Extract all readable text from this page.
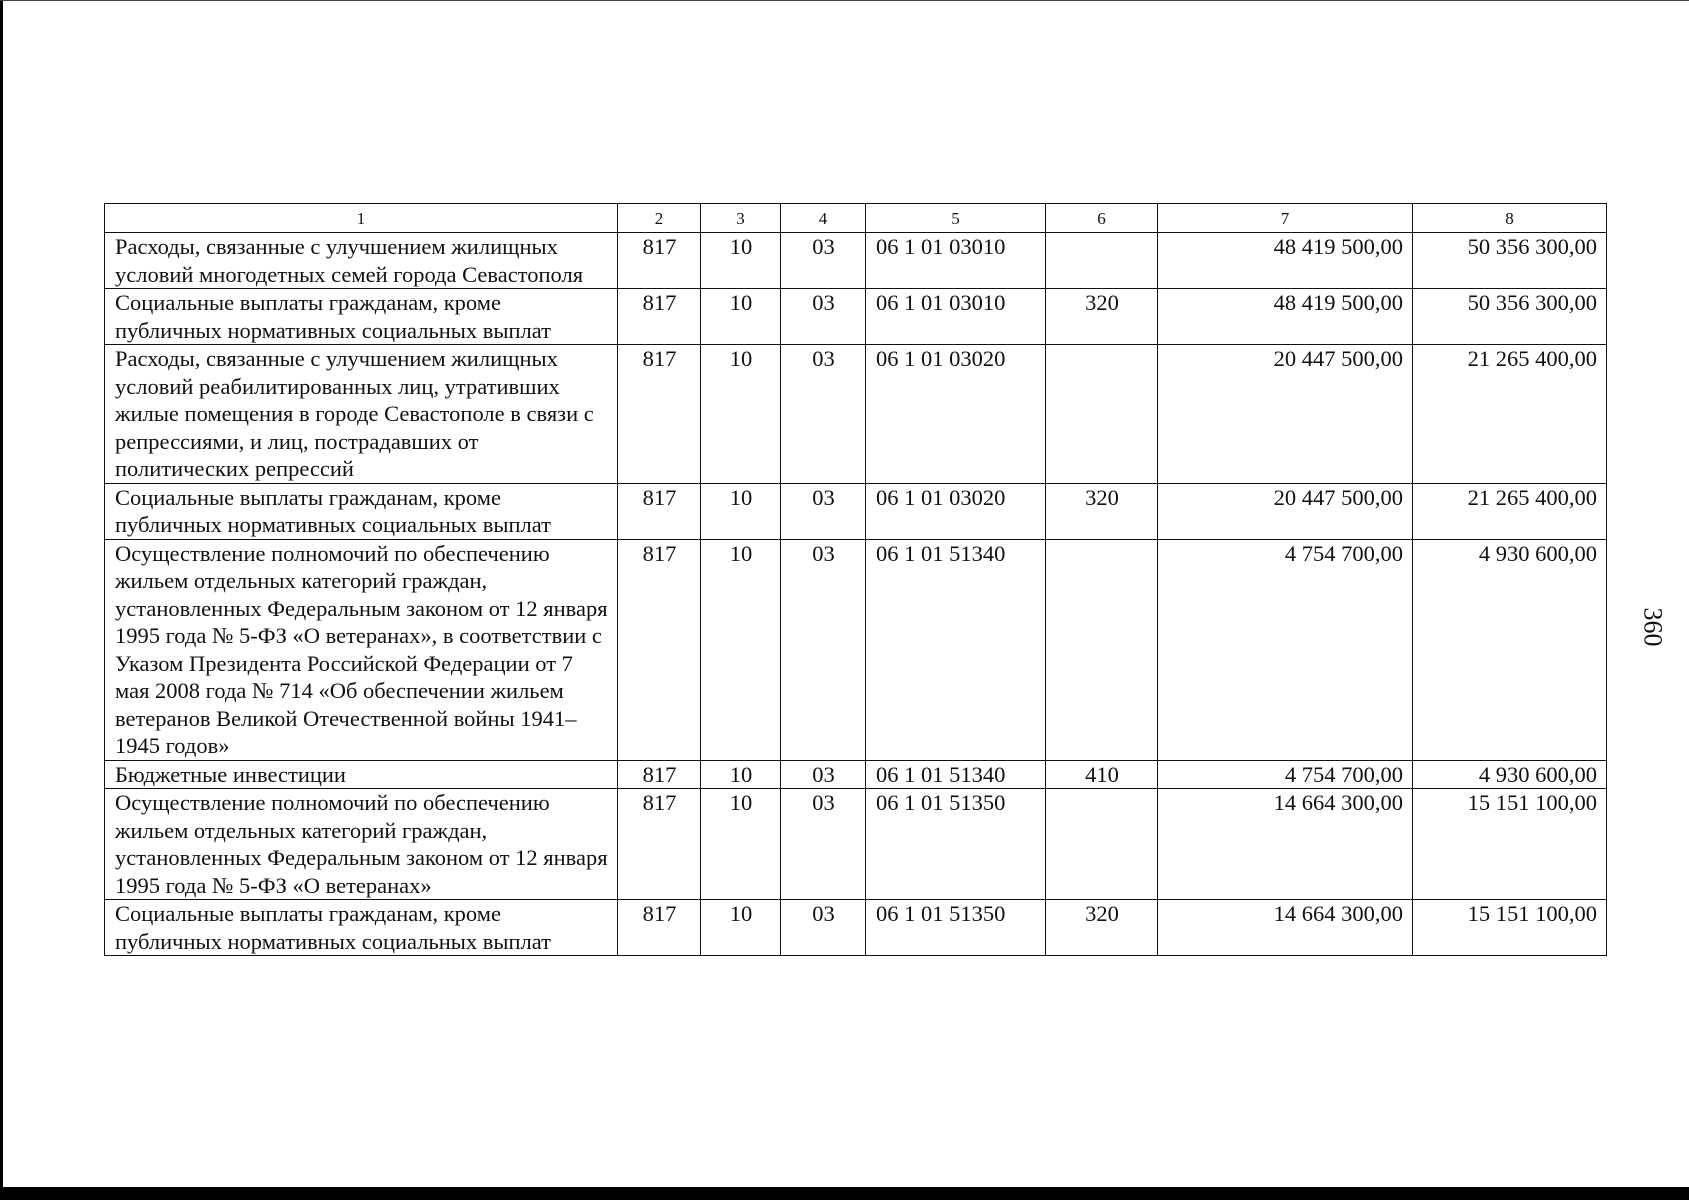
1	2	3	4	5	6	7	8
Расходы, связанные с улучшением жилищных условий многодетных семей города Севастополя	817	10	03	06 1 01 03010		48 419 500,00	50 356 300,00
Социальные выплаты гражданам, кроме публичных нормативных социальных выплат	817	10	03	06 1 01 03010	320	48 419 500,00	50 356 300,00
Расходы, связанные с улучшением жилищных условий реабилитированных лиц, утративших жилые помещения в городе Севастополе в связи с репрессиями, и лиц, пострадавших от политических репрессий	817	10	03	06 1 01 03020		20 447 500,00	21 265 400,00
Социальные выплаты гражданам, кроме публичных нормативных социальных выплат	817	10	03	06 1 01 03020	320	20 447 500,00	21 265 400,00
Осуществление полномочий по обеспечению жильем отдельных категорий граждан, установленных Федеральным законом от 12 января 1995 года № 5-ФЗ «О ветеранах», в соответствии с Указом Президента Российской Федерации от 7 мая 2008 года № 714 «Об обеспечении жильем ветеранов Великой Отечественной войны 1941–1945 годов»	817	10	03	06 1 01 51340		4 754 700,00	4 930 600,00
Бюджетные инвестиции	817	10	03	06 1 01 51340	410	4 754 700,00	4 930 600,00
Осуществление полномочий по обеспечению жильем отдельных категорий граждан, установленных Федеральным законом от 12 января 1995 года № 5-ФЗ «О ветеранах»	817	10	03	06 1 01 51350		14 664 300,00	15 151 100,00
Социальные выплаты гражданам, кроме публичных нормативных социальных выплат	817	10	03	06 1 01 51350	320	14 664 300,00	15 151 100,00
360
